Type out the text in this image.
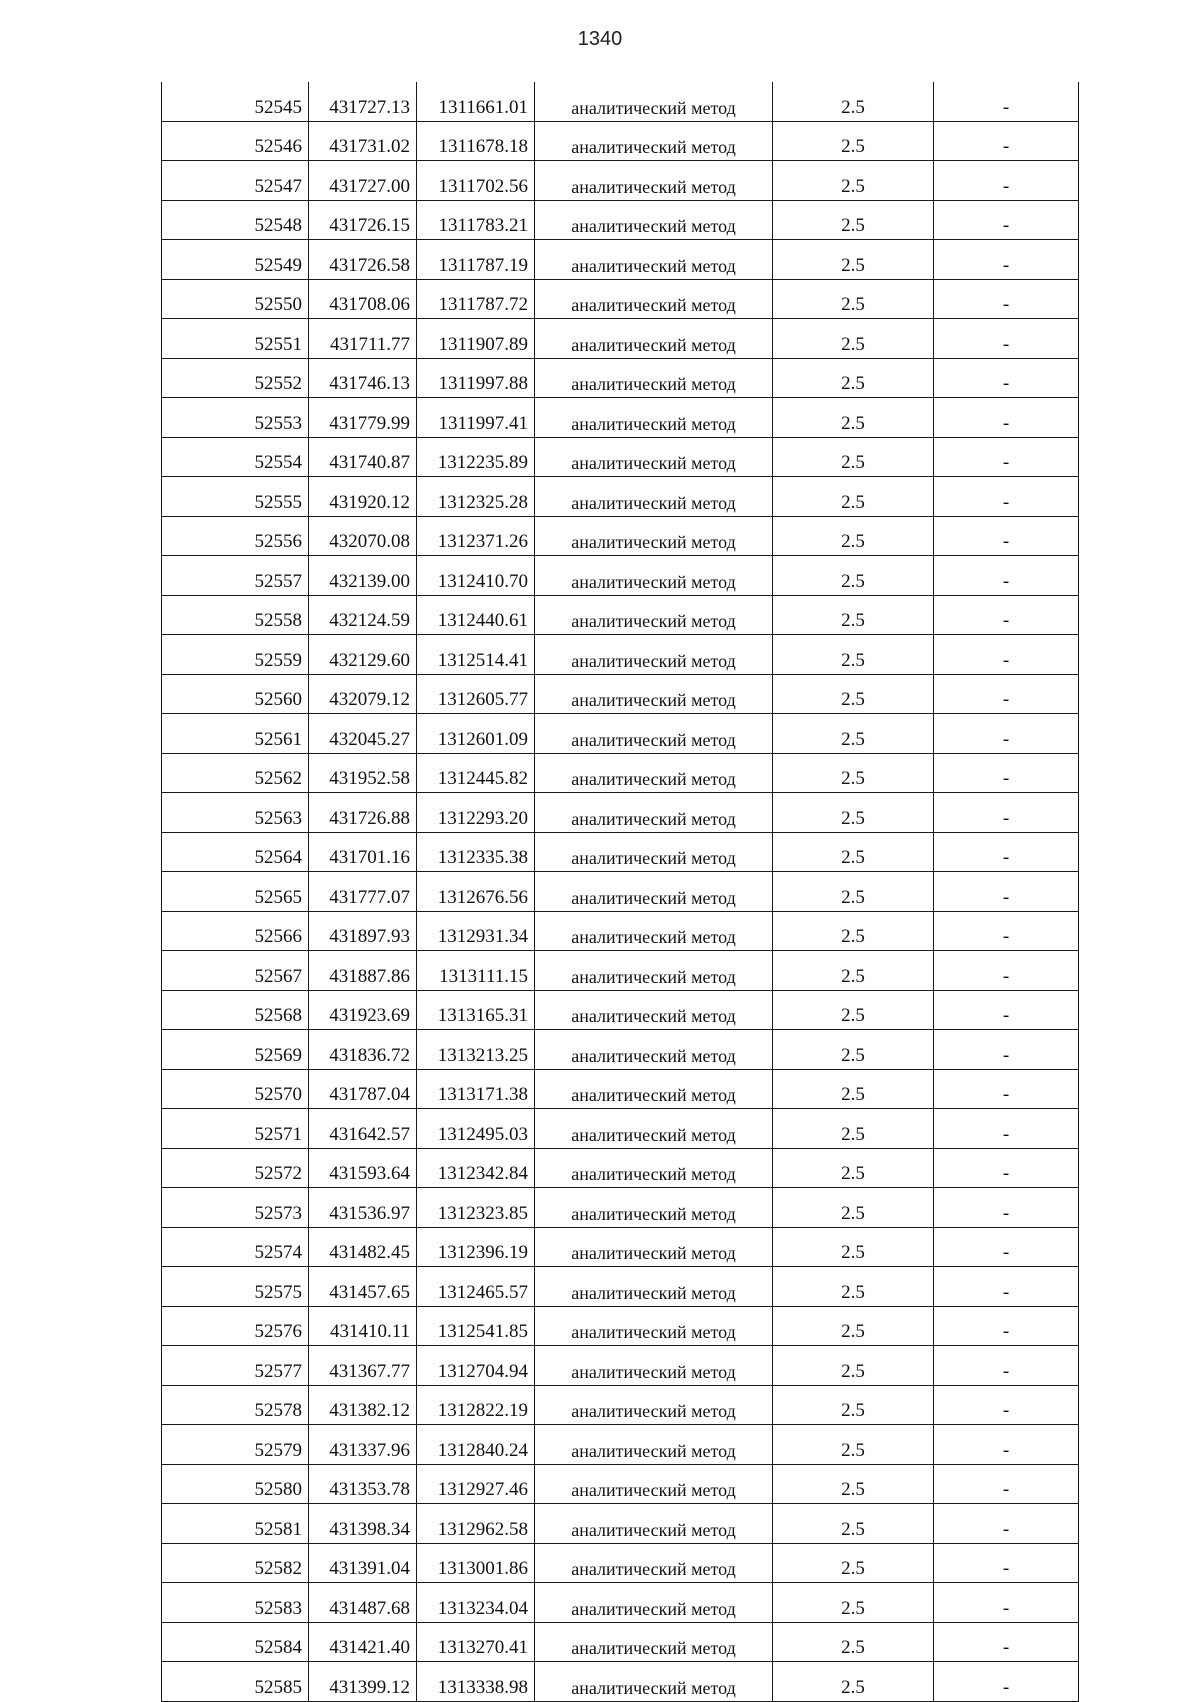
1340
52545	431727.13	1311661.01	аналитический метод	2.5	-
52546	431731.02	1311678.18	аналитический метод	2.5	-
52547	431727.00	1311702.56	аналитический метод	2.5	-
52548	431726.15	1311783.21	аналитический метод	2.5	-
52549	431726.58	1311787.19	аналитический метод	2.5	-
52550	431708.06	1311787.72	аналитический метод	2.5	-
52551	431711.77	1311907.89	аналитический метод	2.5	-
52552	431746.13	1311997.88	аналитический метод	2.5	-
52553	431779.99	1311997.41	аналитический метод	2.5	-
52554	431740.87	1312235.89	аналитический метод	2.5	-
52555	431920.12	1312325.28	аналитический метод	2.5	-
52556	432070.08	1312371.26	аналитический метод	2.5	-
52557	432139.00	1312410.70	аналитический метод	2.5	-
52558	432124.59	1312440.61	аналитический метод	2.5	-
52559	432129.60	1312514.41	аналитический метод	2.5	-
52560	432079.12	1312605.77	аналитический метод	2.5	-
52561	432045.27	1312601.09	аналитический метод	2.5	-
52562	431952.58	1312445.82	аналитический метод	2.5	-
52563	431726.88	1312293.20	аналитический метод	2.5	-
52564	431701.16	1312335.38	аналитический метод	2.5	-
52565	431777.07	1312676.56	аналитический метод	2.5	-
52566	431897.93	1312931.34	аналитический метод	2.5	-
52567	431887.86	1313111.15	аналитический метод	2.5	-
52568	431923.69	1313165.31	аналитический метод	2.5	-
52569	431836.72	1313213.25	аналитический метод	2.5	-
52570	431787.04	1313171.38	аналитический метод	2.5	-
52571	431642.57	1312495.03	аналитический метод	2.5	-
52572	431593.64	1312342.84	аналитический метод	2.5	-
52573	431536.97	1312323.85	аналитический метод	2.5	-
52574	431482.45	1312396.19	аналитический метод	2.5	-
52575	431457.65	1312465.57	аналитический метод	2.5	-
52576	431410.11	1312541.85	аналитический метод	2.5	-
52577	431367.77	1312704.94	аналитический метод	2.5	-
52578	431382.12	1312822.19	аналитический метод	2.5	-
52579	431337.96	1312840.24	аналитический метод	2.5	-
52580	431353.78	1312927.46	аналитический метод	2.5	-
52581	431398.34	1312962.58	аналитический метод	2.5	-
52582	431391.04	1313001.86	аналитический метод	2.5	-
52583	431487.68	1313234.04	аналитический метод	2.5	-
52584	431421.40	1313270.41	аналитический метод	2.5	-
52585	431399.12	1313338.98	аналитический метод	2.5	-
